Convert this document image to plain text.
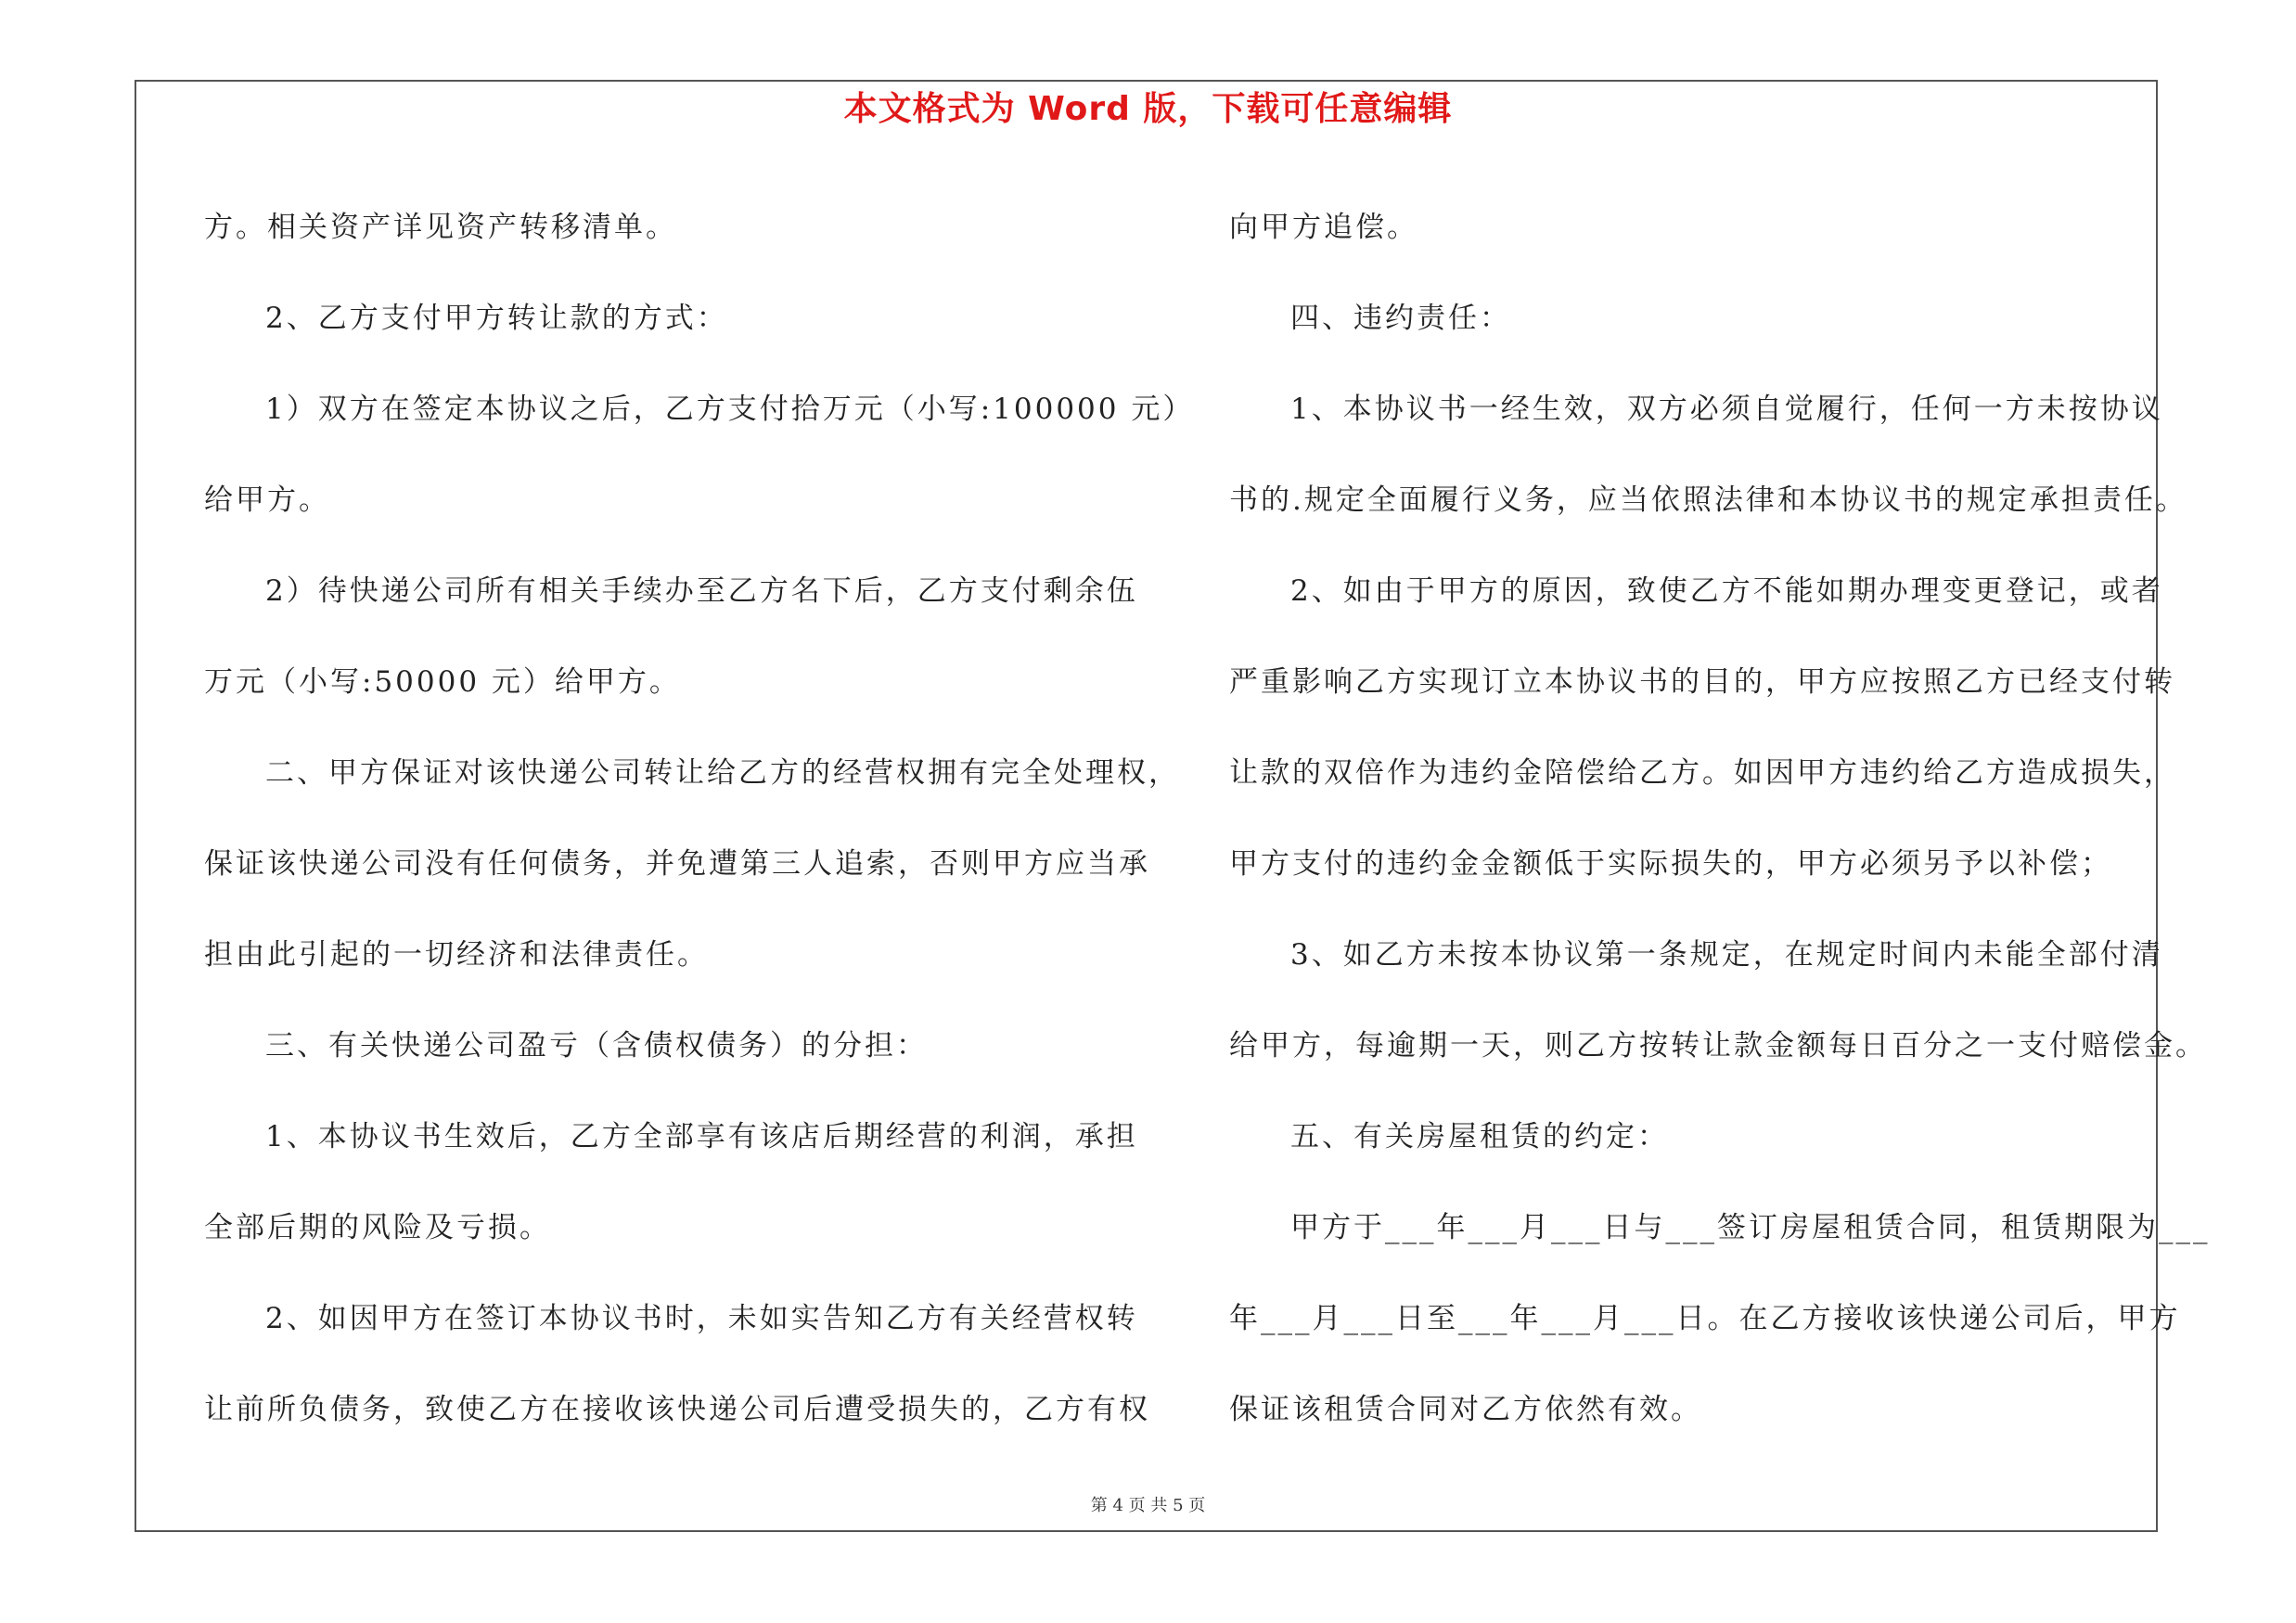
本文格式为 Word 版，下载可任意编辑
方。相关资产详见资产转移清单。
2、乙方支付甲方转让款的方式：
1）双方在签定本协议之后，乙方支付拾万元（小写:100000 元）
给甲方。
2）待快递公司所有相关手续办至乙方名下后，乙方支付剩余伍
万元（小写:50000 元）给甲方。
二、甲方保证对该快递公司转让给乙方的经营权拥有完全处理权，
保证该快递公司没有任何债务，并免遭第三人追索，否则甲方应当承
担由此引起的一切经济和法律责任。
三、有关快递公司盈亏（含债权债务）的分担：
1、本协议书生效后，乙方全部享有该店后期经营的利润，承担
全部后期的风险及亏损。
2、如因甲方在签订本协议书时，未如实告知乙方有关经营权转
让前所负债务，致使乙方在接收该快递公司后遭受损失的，乙方有权
向甲方追偿。
四、违约责任：
1、本协议书一经生效，双方必须自觉履行，任何一方未按协议
书的.规定全面履行义务，应当依照法律和本协议书的规定承担责任。
2、如由于甲方的原因，致使乙方不能如期办理变更登记，或者
严重影响乙方实现订立本协议书的目的，甲方应按照乙方已经支付转
让款的双倍作为违约金陪偿给乙方。如因甲方违约给乙方造成损失，
甲方支付的违约金金额低于实际损失的，甲方必须另予以补偿；
3、如乙方未按本协议第一条规定，在规定时间内未能全部付清
给甲方，每逾期一天，则乙方按转让款金额每日百分之一支付赔偿金。
五、有关房屋租赁的约定：
甲方于___年___月___日与___签订房屋租赁合同，租赁期限为___
年___月___日至___年___月___日。在乙方接收该快递公司后，甲方
保证该租赁合同对乙方依然有效。
第 4 页 共 5 页
